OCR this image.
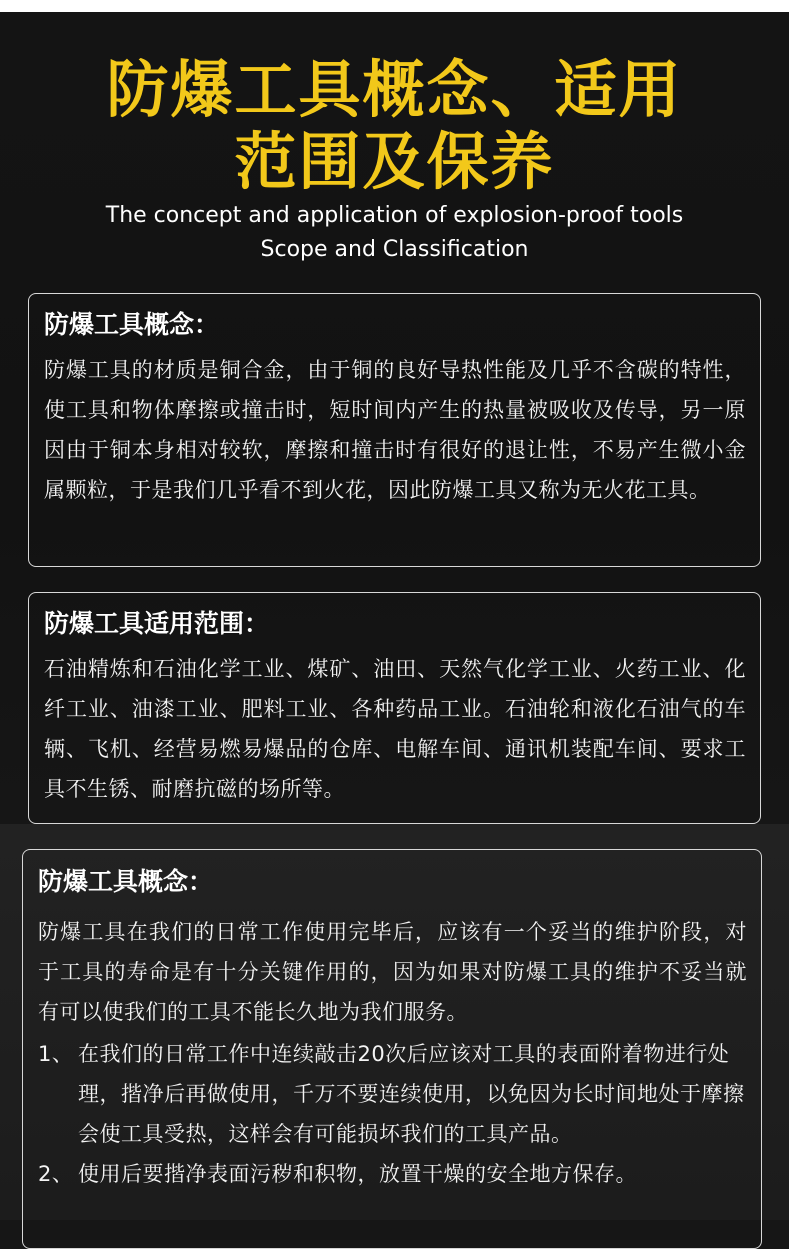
防爆工具概念、适用
范围及保养

The concept and application of explosion-proof tools

Scope and Classification

防爆工具概念：

防爆工具的材质是铜合金，由于铜的良好导热性能及几乎不含碳的特性，使工具和物体摩擦或撞击时，短时间内产生的热量被吸收及传导，另一原因由于铜本身相对较软，摩擦和撞击时有很好的退让性，不易产生微小金属颗粒，于是我们几乎看不到火花，因此防爆工具又称为无火花工具。

防爆工具适用范围：

石油精炼和石油化学工业、煤矿、油田、天然气化学工业、火药工业、化纤工业、油漆工业、肥料工业、各种药品工业。石油轮和液化石油气的车辆、飞机、经营易燃易爆品的仓库、电解车间、通讯机装配车间、要求工具不生锈、耐磨抗磁的场所等。

防爆工具概念：

防爆工具在我们的日常工作使用完毕后，应该有一个妥当的维护阶段，对于工具的寿命是有十分关键作用的，因为如果对防爆工具的维护不妥当就有可以使我们的工具不能长久地为我们服务。

1、 在我们的日常工作中连续敲击20次后应该对工具的表面附着物进行处理，揩净后再做使用，千万不要连续使用，以免因为长时间地处于摩擦会使工具受热，这样会有可能损坏我们的工具产品。
2、 使用后要揩净表面污秽和积物，放置干燥的安全地方保存。
